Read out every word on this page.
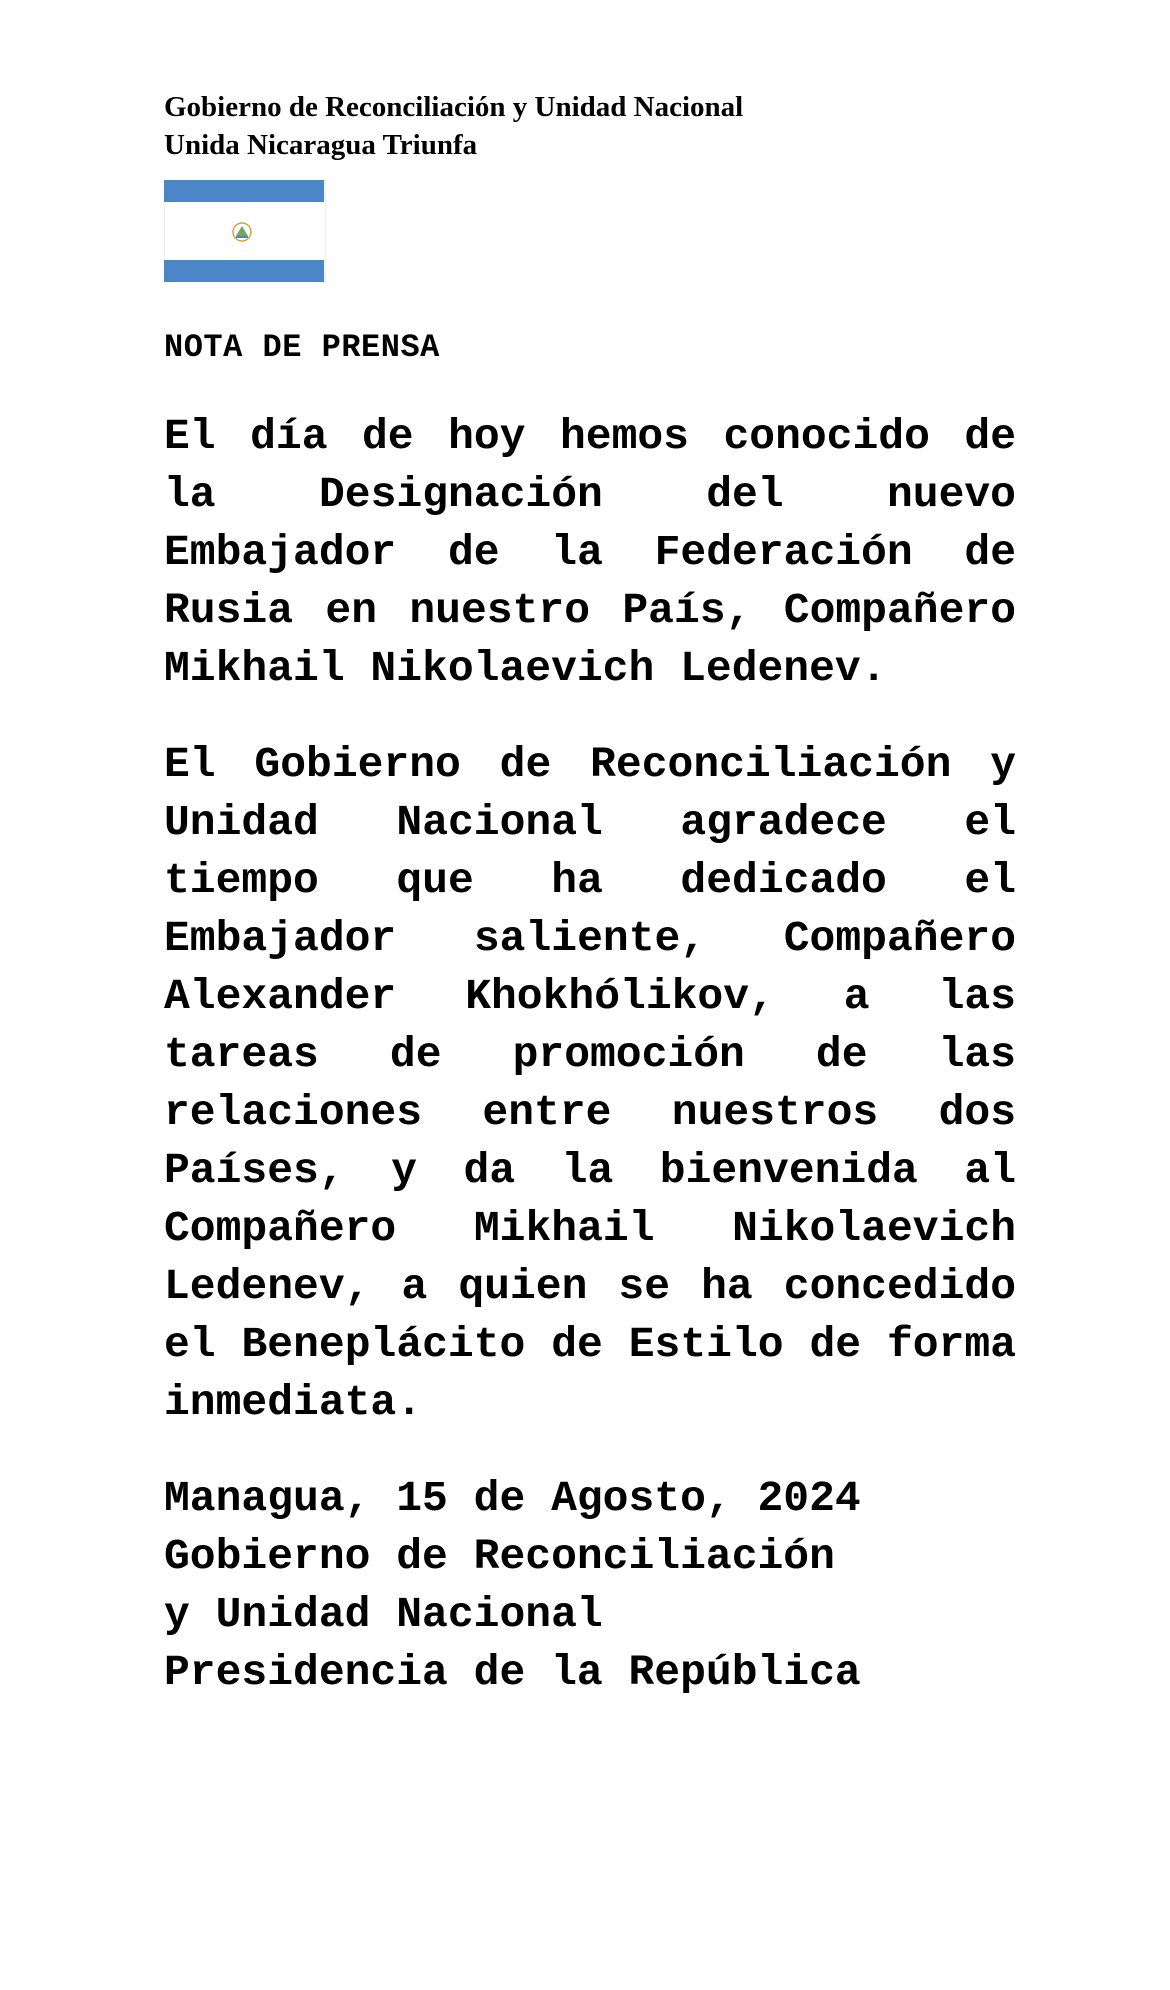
Gobierno de Reconciliación y Unidad Nacional
Unida Nicaragua Triunfa
NOTA DE PRENSA

El día de hoy hemos conocido de la Designación del nuevo Embajador de la Federación de Rusia en nuestro País, Compañero Mikhail Nikolaevich Ledenev.

El Gobierno de Reconciliación y Unidad Nacional agradece el tiempo que ha dedicado el Embajador saliente, Compañero Alexander Khokhólikov, a las tareas de promoción de las relaciones entre nuestros dos Países, y da la bienvenida al Compañero Mikhail Nikolaevich Ledenev, a quien se ha concedido el Beneplácito de Estilo de forma inmediata.

Managua, 15 de Agosto, 2024
Gobierno de Reconciliación
y Unidad Nacional
Presidencia de la República
